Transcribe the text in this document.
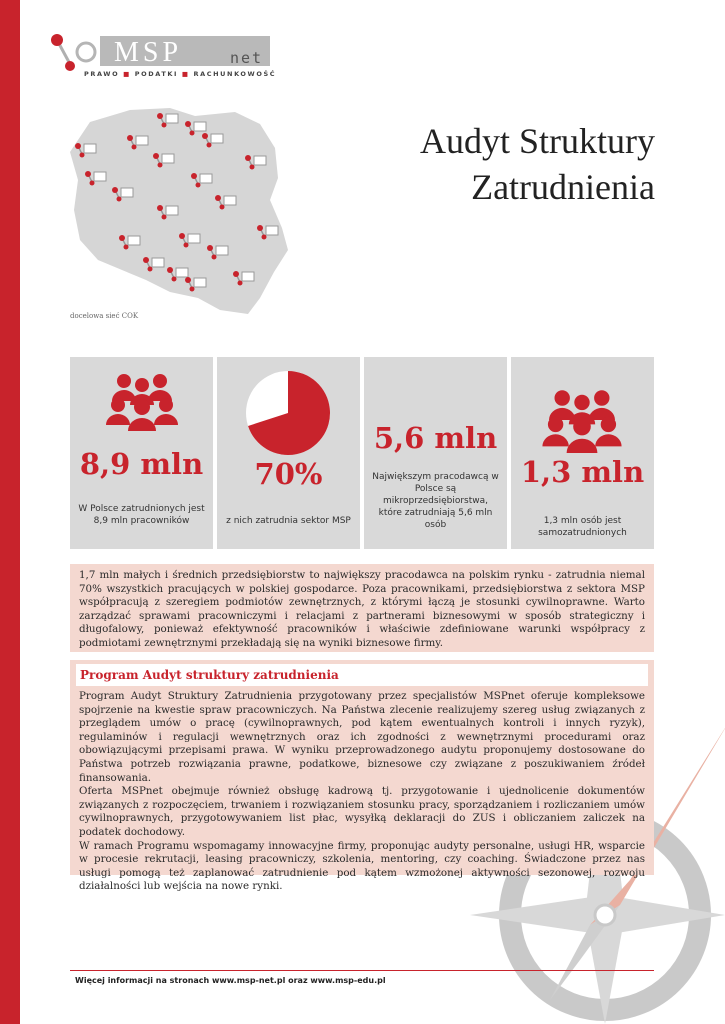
MSP	net
PRAWO ■ PODATKI ■ RACHUNKOWOŚĆ
docelowa sieć COK
Audyt Struktury
Zatrudnienia
8,9 mln
W Polsce zatrudnionych jest 8,9 mln pracowników
70%
z nich zatrudnia sektor MSP
5,6 mln
Największym pracodawcą w Polsce są mikroprzedsiębiorstwa, które zatrudniają 5,6 mln osób
1,3 mln
1,3 mln osób jest samozatrudnionych
1,7 mln małych i średnich przedsiębiorstw to największy pracodawca na polskim rynku - zatrudnia niemal 70% wszystkich pracujących w polskiej gospodarce. Poza pracownikami, przedsiębiorstwa z sektora MSP współpracują z szeregiem podmiotów zewnętrznych, z którymi łączą je stosunki cywilnoprawne. Warto zarządzać sprawami pracowniczymi i relacjami z partnerami biznesowymi w sposób strategiczny i długofalowy, ponieważ efektywność pracowników i właściwie zdefiniowane warunki współpracy z podmiotami zewnętrznymi przekładają się na wyniki biznesowe firmy.
Program Audyt struktury zatrudnienia

Program Audyt Struktury Zatrudnienia przygotowany przez specjalistów MSPnet oferuje kompleksowe spojrzenie na kwestie spraw pracowniczych. Na Państwa zlecenie realizujemy szereg usług związanych z przeglądem umów o pracę (cywilnoprawnych, pod kątem ewentualnych kontroli i innych ryzyk), regulaminów i regulacji wewnętrznych oraz ich zgodności z wewnętrznymi procedurami oraz obowiązującymi przepisami prawa. W wyniku przeprowadzonego audytu proponujemy dostosowane do Państwa potrzeb rozwiązania prawne, podatkowe, biznesowe czy związane z poszukiwaniem źródeł finansowania.

Oferta MSPnet obejmuje również obsługę kadrową tj. przygotowanie i ujednolicenie dokumentów związanych z rozpoczęciem, trwaniem i rozwiązaniem stosunku pracy, sporządzaniem i rozliczaniem umów cywilnoprawnych, przygotowywaniem list płac, wysyłką deklaracji do ZUS i obliczaniem zaliczek na podatek dochodowy.

W ramach Programu wspomagamy innowacyjne firmy, proponując audyty personalne, usługi HR, wsparcie w procesie rekrutacji, leasing pracowniczy, szkolenia, mentoring, czy coaching. Świadczone przez nas usługi pomogą też zaplanować zatrudnienie pod kątem wzmożonej aktywności sezonowej, rozwoju działalności lub wejścia na nowe rynki.

Więcej informacji na stronach www.msp-net.pl oraz www.msp-edu.pl
